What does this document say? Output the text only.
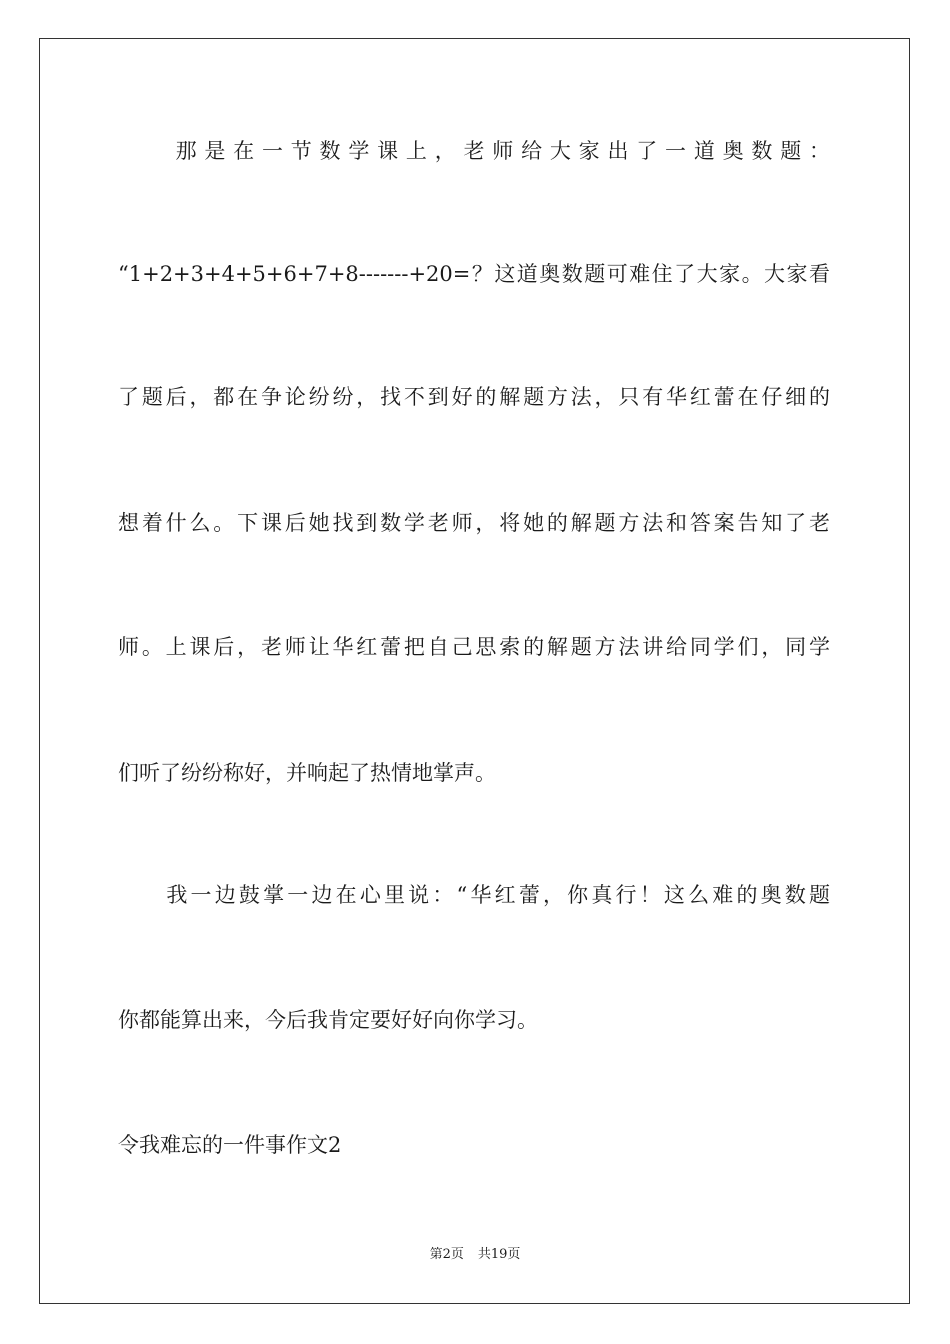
　　那是在一节数学课上，老师给大家出了一道奥数题：
“1+2+3+4+5+6+7+8-------+20=？这道奥数题可难住了大家。大家看
了题后，都在争论纷纷，找不到好的解题方法，只有华红蕾在仔细的
想着什么。下课后她找到数学老师，将她的解题方法和答案告知了老
师。上课后，老师让华红蕾把自己思索的解题方法讲给同学们，同学
们听了纷纷称好，并响起了热情地掌声。
　　我一边鼓掌一边在心里说：“华红蕾，你真行！这么难的奥数题
你都能算出来，今后我肯定要好好向你学习。
令我难忘的一件事作文2
第2页 共19页
